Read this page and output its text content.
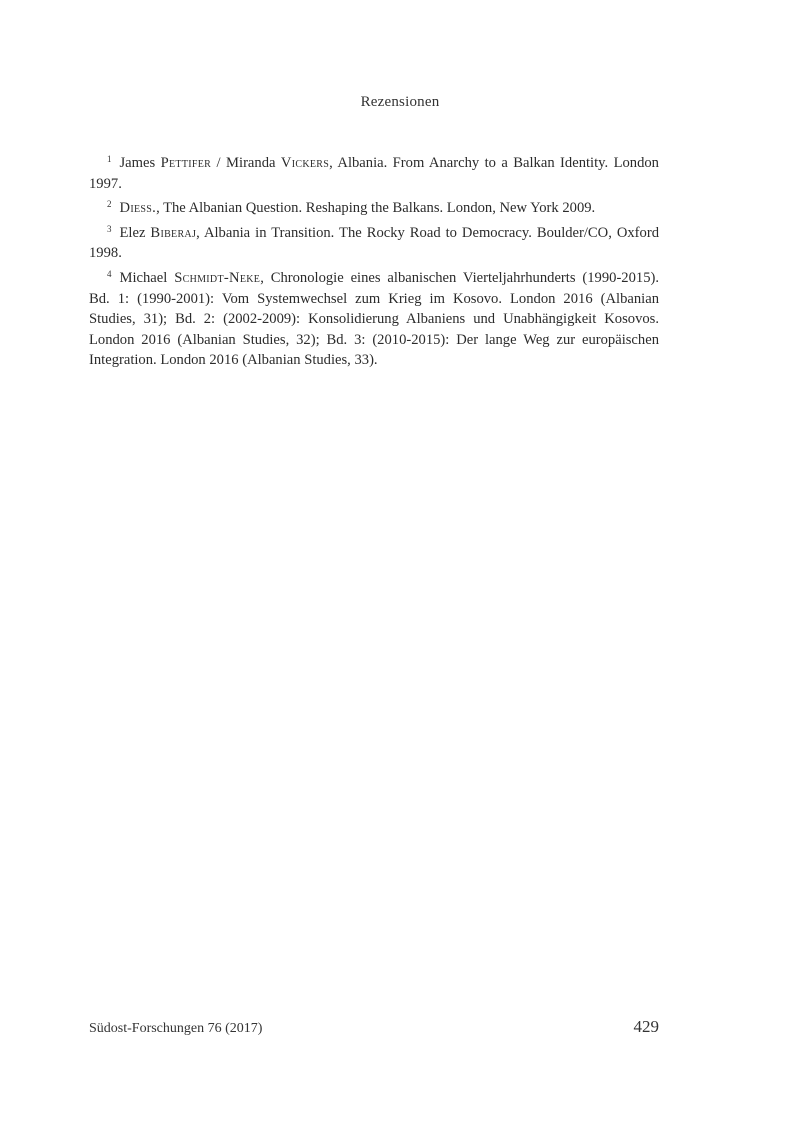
Rezensionen

$^1$ James Pettifer / Miranda Vickers, Albania. From Anarchy to a Balkan Identity. London 1997.

$^2$ Diess., The Albanian Question. Reshaping the Balkans. London, New York 2009.

$^3$ Elez Biberaj, Albania in Transition. The Rocky Road to Democracy. Boulder/CO, Oxford 1998.

$^4$ Michael Schmidt-Neke, Chronologie eines albanischen Vierteljahrhunderts (1990-2015). Bd. 1: (1990-2001): Vom Systemwechsel zum Krieg im Kosovo. London 2016 (Albanian Studies, 31); Bd. 2: (2002-2009): Konsolidierung Albaniens und Unabhängigkeit Kosovos. London 2016 (Albanian Studies, 32); Bd. 3: (2010-2015): Der lange Weg zur europäischen Integration. London 2016 (Albanian Studies, 33).

Südost-Forschungen 76 (2017)	429
